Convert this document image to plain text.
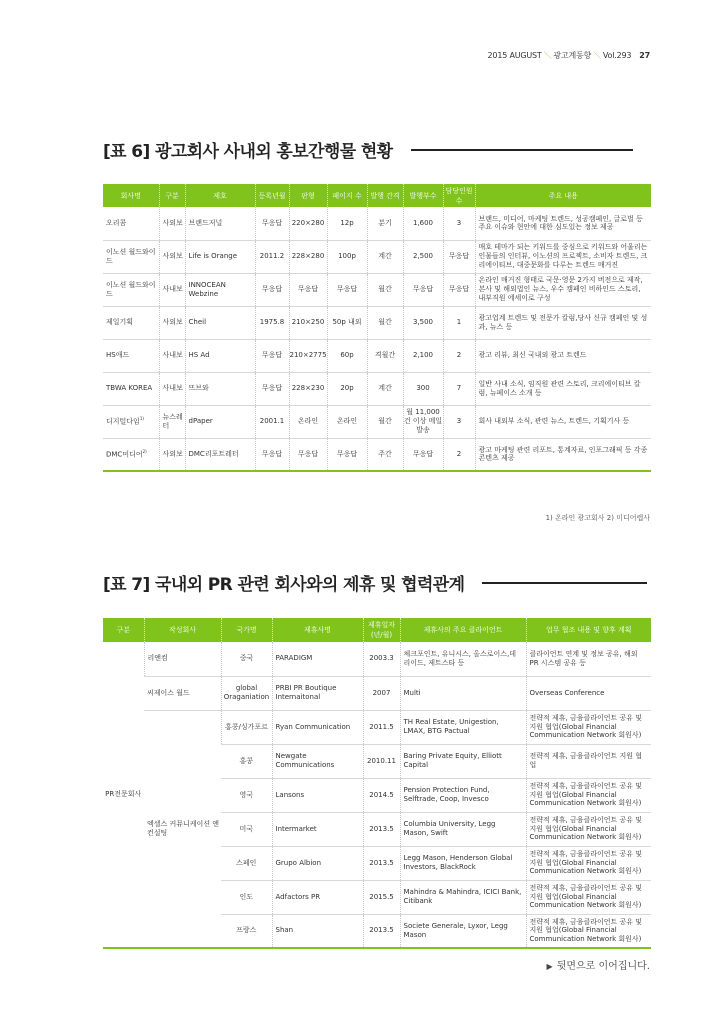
2015 AUGUST ＼ 광고계동향 ＼ Vol.293 27
[표 6] 광고회사 사내외 홍보간행물 현황
회사명	구분	제호	등록년월	판형	페이지 수	발행 간격	발행부수	담당인원 수	주요 내용
오리콤	사외보	브랜드저널	무응답	220×280	12p	분기	1,600	3	브랜드, 미디어, 마케팅 트렌드, 성공캠페인, 글로벌 등 주요 이슈와 현안에 대한 심도있는 정보 제공
이노션 월드와이드	사외보	Life is Orange	2011.2	228×280	100p	계간	2,500	무응답	매호 테마가 되는 키워드를 중심으로 키워드와 어울리는 인물들의 인터뷰, 이노션의 프로젝트, 소비자 트렌드, 크리에이티브, 대중문화를 다루는 트렌드 매거진
이노션 월드와이드	사내보	INNOCEAN Webzine	무응답	무응답	무응답	월간	무응답	무응답	온라인 매거진 형태로 국문·영문 2가지 버전으로 제작, 본사 및 해외법인 뉴스, 우수 캠페인 비하인드 스토리, 내부직원 에세이로 구성
제일기획	사외보	Cheil	1975.8	210×250	50p 내외	월간	3,500	1	광고업계 트렌드 및 전문가 칼럼,당사 신규 캠페인 및 성과, 뉴스 등
HS애드	사내보	HS Ad	무응답	210×2775	60p	격월간	2,100	2	광고 리뷰, 최신 국내외 광고 트렌드
TBWA KOREA	사내보	뜨브와	무응답	228×230	20p	계간	300	7	일반 사내 소식, 임직원 관련 스토리, 크리에이티브 칼럼, 뉴페이스 소개 등
디지털다임$^{1)}$	뉴스레터	dPaper	2001.1	온라인	온라인	월간	월 11,000건 이상 메일 발송	3	회사 내외부 소식, 관련 뉴스, 트렌드, 기획기사 등
DMC미디어$^{2)}$	사외보	DMC리포트레터	무응답	무응답	무응답	주간	무응답	2	광고 마케팅 관련 리포트, 통계자료, 인포그래픽 등 각종 콘텐츠 제공
1) 온라인 광고회사 2) 미디어렙사
[표 7] 국내외 PR 관련 회사와의 제휴 및 협력관계
구분	작성회사	국가명	제휴사명	제휴일자 (년/월)	제휴사의 주요 클라이언트	업무 협조 내용 및 향후 계획
PR전문회사	리앤컴	중국	PARADIGM	2003.3	체크포인트, 유니시스, 올스로이스,데리이드, 제트스타 등	클라이언트 연계 및 정보 공유, 해외 PR 시스템 공유 등
	씨제이스 월드	global Oraganiation	PRBI PR Boutique Internaitonal	2007	Multi	Overseas Conference
	엑셀스 커뮤니케이션 앤 컨설팅	홍콩/싱가포르	Ryan Communication	2011.5	TH Real Estate, Unigestion, LMAX, BTG Pactual	전략적 제휴, 금융클라이언트 공유 및 지원 협업(Global Financial Communication Network 회원사)
		홍콩	Newgate Communications	2010.11	Baring Private Equity, Elliott Capital	전략적 제휴, 금융클라이언트 지원 협업
		영국	Lansons	2014.5	Pension Protection Fund, Selftrade, Coop, Invesco	전략적 제휴, 금융클라이언트 공유 및 지원 협업(Global Financial Communication Network 회원사)
		미국	Intermarket	2013.5	Columbia University, Legg Mason, Swift	전략적 제휴, 금융클라이언트 공유 및 지원 협업(Global Financial Communication Network 회원사)
		스페인	Grupo Albion	2013.5	Legg Mason, Henderson Global Investors, BlackRock	전략적 제휴, 금융클라이언트 공유 및 지원 협업(Global Financial Communication Network 회원사)
		인도	Adfactors PR	2015.5	Mahindra & Mahindra, ICICI Bank, Citibank	전략적 제휴, 금융클라이언트 공유 및 지원 협업(Global Financial Communication Network 회원사)
		프랑스	Shan	2013.5	Societe Generale, Lyxor, Legg Mason	전략적 제휴, 금융클라이언트 공유 및 지원 협업(Global Financial Communication Network 회원사)
▶ 뒷면으로 이어집니다.
